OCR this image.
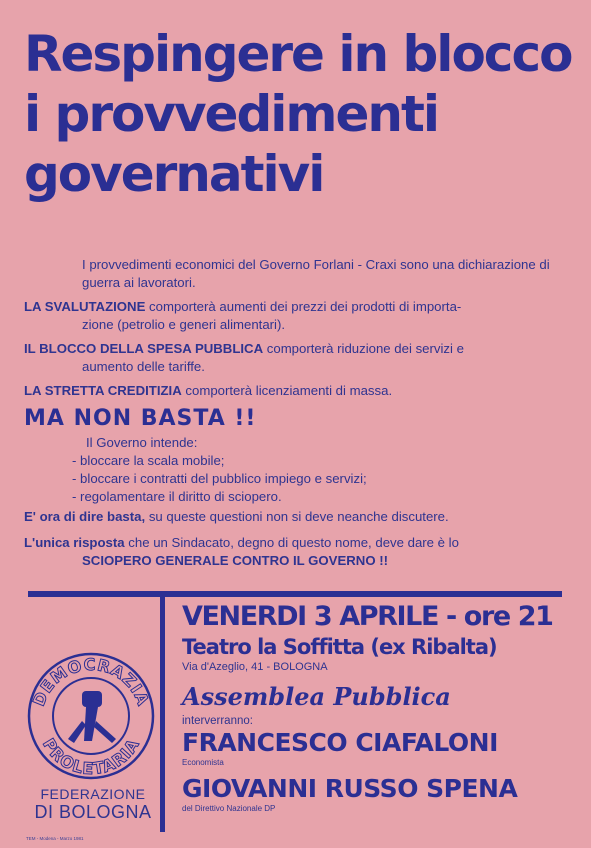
Respingere in blocco
i provvedimenti
governativi

I provvedimenti economici del Governo Forlani - Craxi sono una dichiarazione di guerra ai lavoratori.

LA SVALUTAZIONE comporterà aumenti dei prezzi dei prodotti di importa-
zione (petrolio e generi alimentari).

IL BLOCCO DELLA SPESA PUBBLICA comporterà riduzione dei servizi e
aumento delle tariffe.

LA STRETTA CREDITIZIA comporterà licenziamenti di massa.

MA NON BASTA !!
Il Governo intende:
- bloccare la scala mobile;
- bloccare i contratti del pubblico impiego e servizi;
- regolamentare il diritto di sciopero.
E' ora di dire basta, su queste questioni non si deve neanche discutere.
L'unica risposta che un Sindacato, degno di questo nome, deve dare è lo
SCIOPERO GENERALE CONTRO IL GOVERNO !!
DEMOCRAZIA
PROLETARIA
FEDERAZIONE
DI BOLOGNA
VENERDI 3 APRILE - ore 21
Teatro la Soffitta (ex Ribalta)
Via d'Azeglio, 41 - BOLOGNA
Assemblea Pubblica
interverranno:
FRANCESCO CIAFALONI
Economista
GIOVANNI RUSSO SPENA
del Direttivo Nazionale DP
TEM - Modena - Marzo 1981
